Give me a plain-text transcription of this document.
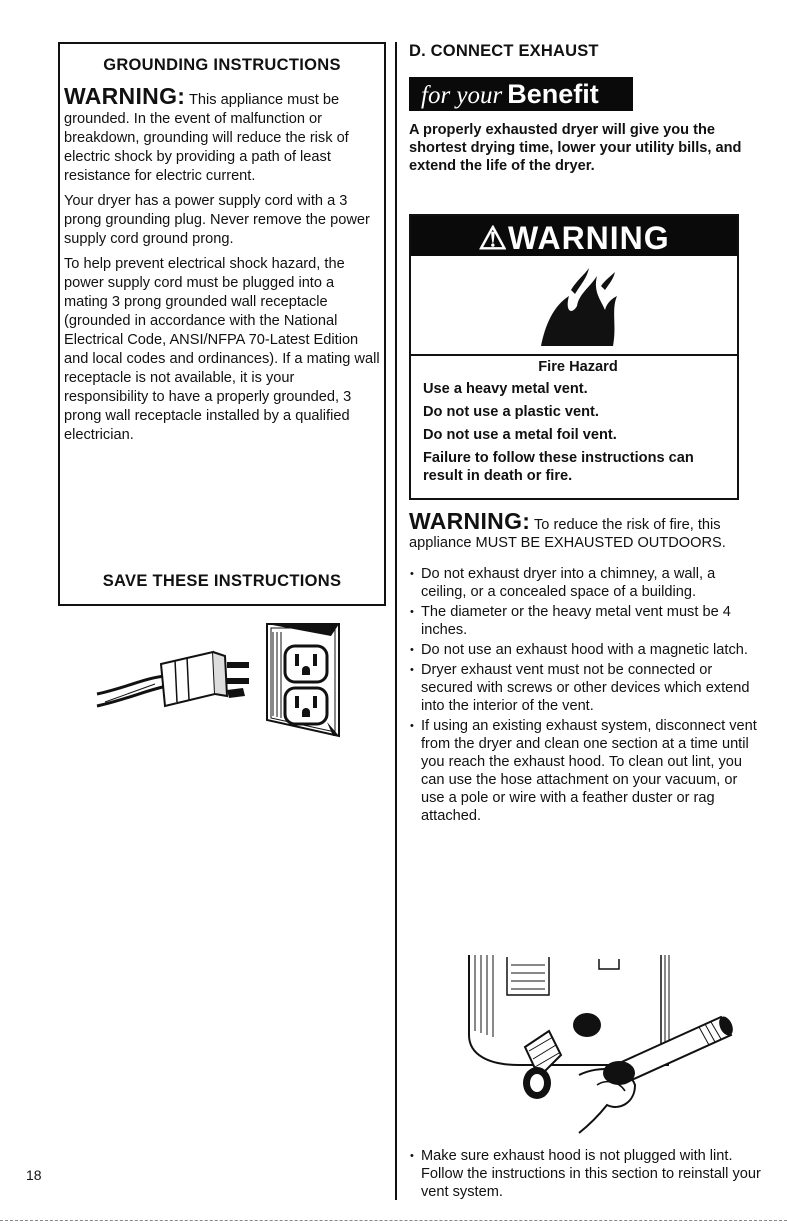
GROUNDING INSTRUCTIONS

WARNING: This appliance must be grounded. In the event of malfunction or breakdown, grounding will reduce the risk of electric shock by providing a path of least resistance for electric current.

Your dryer has a power supply cord with a 3 prong grounding plug. Never remove the power supply cord ground prong.

To help prevent electrical shock hazard, the power supply cord must be plugged into a mating 3 prong grounded wall receptacle (grounded in accordance with the National Electrical Code, ANSI/NFPA 70-Latest Edition and local codes and ordinances). If a mating wall receptacle is not available, it is your responsibility to have a properly grounded, 3 prong wall receptacle installed by a qualified electrician.

SAVE THESE INSTRUCTIONS
18
D. CONNECT EXHAUST
for your Benefit
A properly exhausted dryer will give you the shortest drying time, lower your utility bills, and extend the life of the dryer.
⚠WARNING
Fire Hazard
Use a heavy metal vent.
Do not use a plastic vent.
Do not use a metal foil vent.
Failure to follow these instructions can result in death or fire.
WARNING: To reduce the risk of fire, this appliance MUST BE EXHAUSTED OUTDOORS.
• Do not exhaust dryer into a chimney, a wall, a ceiling, or a concealed space of a building.
• The diameter or the heavy metal vent must be 4 inches.
• Do not use an exhaust hood with a magnetic latch.
• Dryer exhaust vent must not be connected or secured with screws or other devices which extend into the interior of the vent.
• If using an existing exhaust system, disconnect vent from the dryer and clean one section at a time until you reach the exhaust hood. To clean out lint, you can use the hose attachment on your vacuum, or use a pole or wire with a feather duster or rag attached.
• Make sure exhaust hood is not plugged with lint. Follow the instructions in this section to reinstall your vent system.
